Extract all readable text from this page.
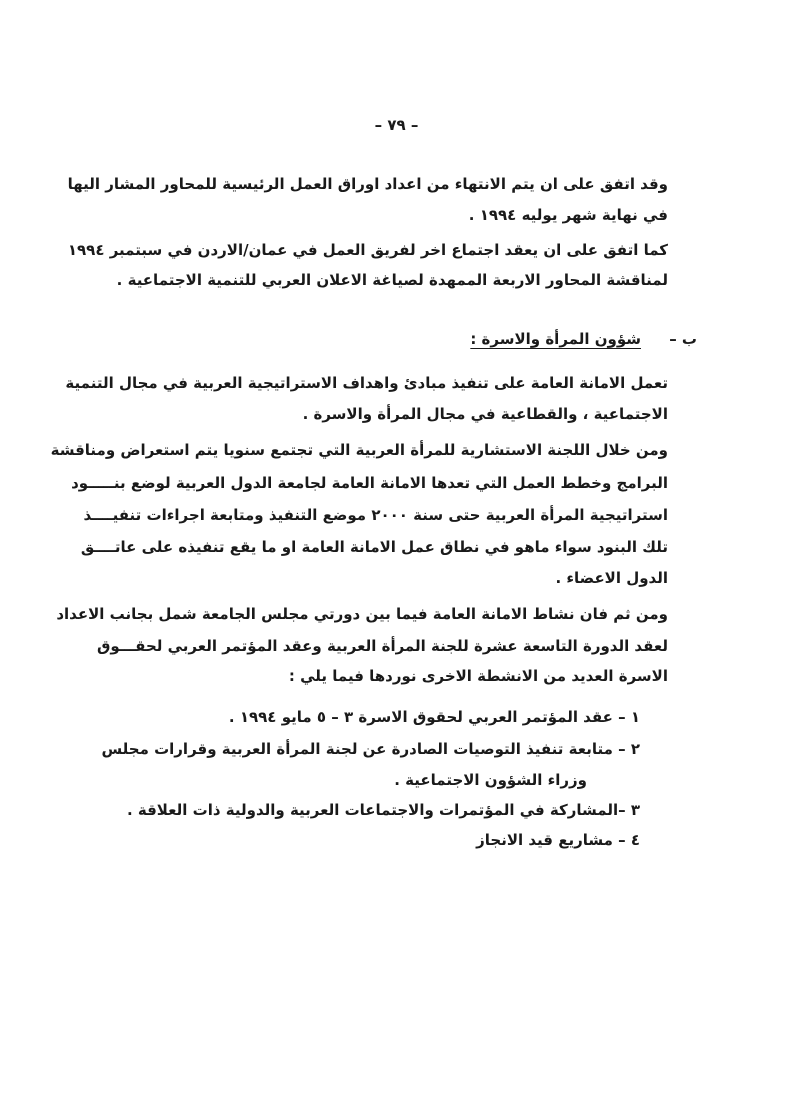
– ٧٩ –
وقد اتفق على ان يتم الانتهاء من اعداد اوراق العمل الرئيسية للمحاور المشار اليها
في نهاية شهر يوليه ١٩٩٤ .
كما اتفق على ان يعقد اجتماع اخر لفريق العمل في عمان/الاردن في سبتمبر ١٩٩٤
لمناقشة المحاور الاربعة الممهدة لصياغة الاعلان العربي للتنمية الاجتماعية .
ب –
شؤون المرأة والاسرة :
تعمل الامانة العامة على تنفيذ مبادئ واهداف الاستراتيجية العربية في مجال التنمية
الاجتماعية ، والقطاعية في مجال المرأة والاسرة .
ومن خلال اللجنة الاستشارية للمرأة العربية التي تجتمع سنويا يتم استعراض ومناقشة
البرامج وخطط العمل التي تعدها الامانة العامة لجامعة الدول العربية لوضع بنـــــود
استراتيجية المرأة العربية حتى سنة ٢٠٠٠ موضع التنفيذ ومتابعة اجراءات تنفيــــذ
تلك البنود سواء ماهو في نطاق عمل الامانة العامة او ما يقع تنفيذه على عاتــــق
الدول الاعضاء .
ومن ثم فان نشاط الامانة العامة فيما بين دورتي مجلس الجامعة شمل بجانب الاعداد
لعقد الدورة التاسعة عشرة للجنة المرأة العربية وعقد المؤتمر العربي لحقـــوق
الاسرة العديد من الانشطة الاخرى نوردها فيما يلي :
١ – عقد المؤتمر العربي لحقوق الاسرة ٣ – ٥ مايو ١٩٩٤ .
٢ – متابعة تنفيذ التوصيات الصادرة عن لجنة المرأة العربية وقرارات مجلس
وزراء الشؤون الاجتماعية .
٣ –المشاركة في المؤتمرات والاجتماعات العربية والدولية ذات العلاقة .
٤ – مشاريع قيد الانجاز
